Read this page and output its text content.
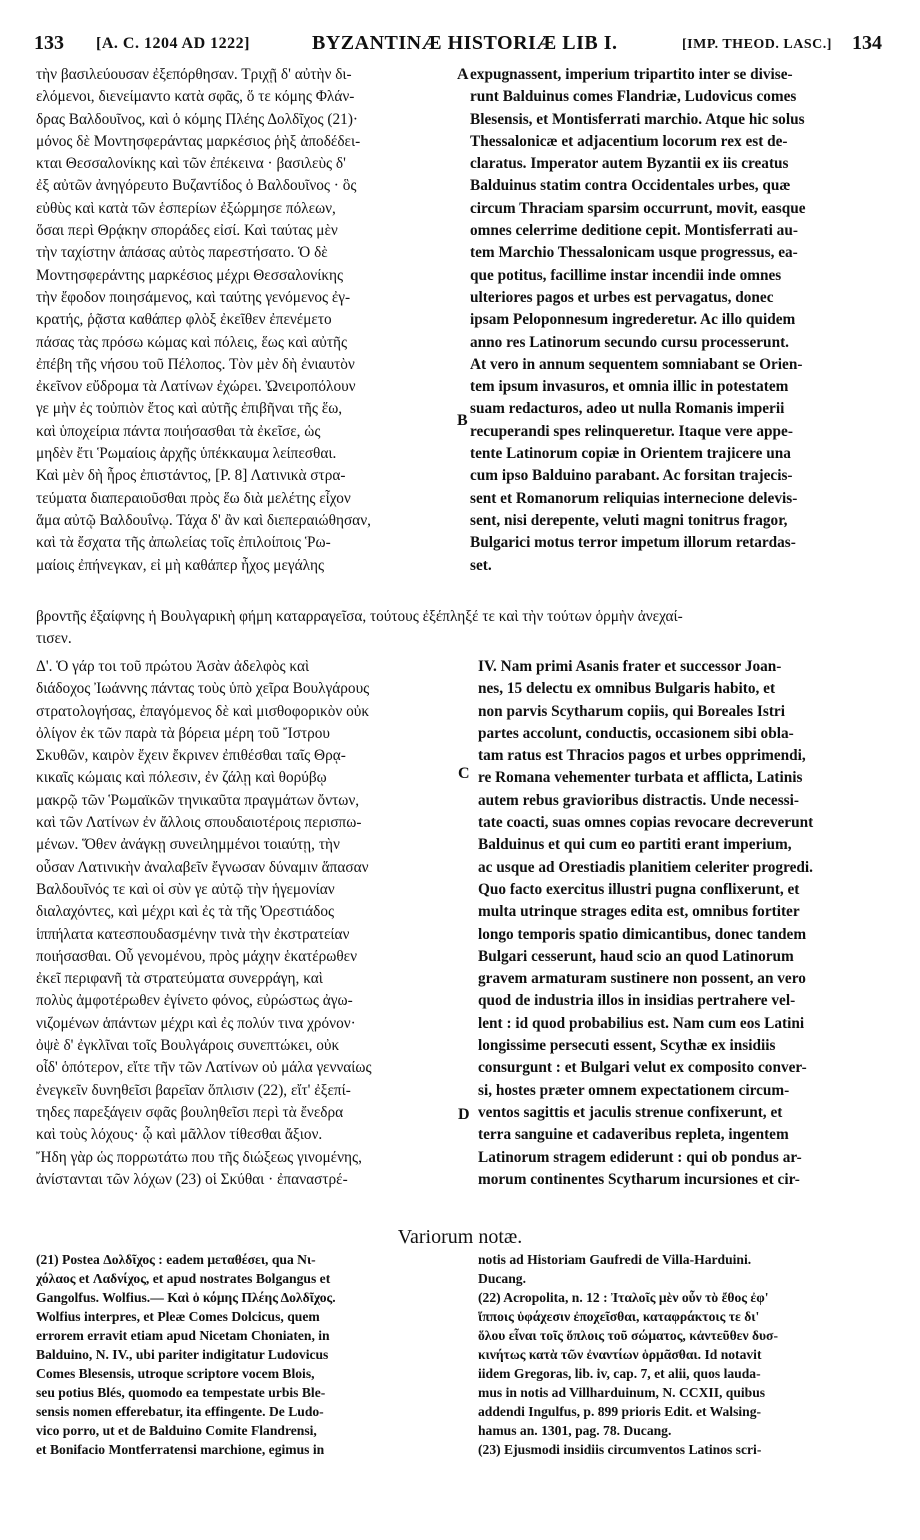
133 [A. C. 1204 AD 1222]	BYZANTINÆ HISTORIÆ LIB I.	[IMP. THEOD. LASC.] 134

τὴν βασιλεύουσαν ἐξεπόρθησαν. Τριχῇ δ' αὐτὴν δι-
ελόμενοι, διενείμαντο κατὰ σφᾶς, ὅ τε κόμης Φλάν-
δρας Βαλδουῖνος, καὶ ὁ κόμης Πλέης Δολδῖχος (21)·
μόνος δὲ Μοντησφεράντας μαρκέσιος ῥὴξ ἀποδέδει-
κται Θεσσαλονίκης καὶ τῶν ἐπέκεινα · βασιλεὺς δ'
ἐξ αὐτῶν ἀνηγόρευτο Βυζαντίδος ὁ Βαλδουῖνος · ὃς
εὐθὺς καὶ κατὰ τῶν ἑσπερίων ἐξώρμησε πόλεων,
ὅσαι περὶ Θρᾴκην σποράδες εἰσί. Καὶ ταύτας μὲν
τὴν ταχίστην ἁπάσας αὐτὸς παρεστήσατο. Ὁ δὲ
Μοντησφεράντης μαρκέσιος μέχρι Θεσσαλονίκης
τὴν ἔφοδον ποιησάμενος, καὶ ταύτης γενόμενος ἐγ-
κρατής, ῥᾷστα καθάπερ φλὸξ ἐκεῖθεν ἐπενέμετο
πάσας τὰς πρόσω κώμας καὶ πόλεις, ἕως καὶ αὐτῆς
ἐπέβη τῆς νήσου τοῦ Πέλοπος. Τὸν μὲν δὴ ἐνιαυτὸν
ἐκεῖνον εὔδρομα τὰ Λατίνων ἐχώρει. Ὠνειροπόλουν
γε μὴν ἐς τοὐπιὸν ἔτος καὶ αὐτῆς ἐπιβῆναι τῆς ἕω,
καὶ ὑποχείρια πάντα ποιήσασθαι τὰ ἐκεῖσε, ὡς
μηδὲν ἔτι Ῥωμαίοις ἀρχῆς ὑπέκκαυμα λείπεσθαι.
Καὶ μὲν δὴ ἦρος ἐπιστάντος, [P. 8] Λατινικὰ στρα-
τεύματα διαπεραιοῦσθαι πρὸς ἕω διὰ μελέτης εἶχον
ἅμα αὐτῷ Βαλδουΐνῳ. Τάχα δ' ἂν καὶ διεπεραιώθησαν,
καὶ τὰ ἔσχατα τῆς ἀπωλείας τοῖς ἐπιλοίποις Ῥω-
μαίοις ἐπήνεγκαν, εἰ μὴ καθάπερ ἦχος μεγάλης

expugnassent, imperium tripartito inter se divise-
runt Balduinus comes Flandriæ, Ludovicus comes
Blesensis, et Montisferrati marchio. Atque hic solus
Thessalonicæ et adjacentium locorum rex est de-
claratus. Imperator autem Byzantii ex iis creatus
Balduinus statim contra Occidentales urbes, quæ
circum Thraciam sparsim occurrunt, movit, easque
omnes celerrime deditione cepit. Montisferrati au-
tem Marchio Thessalonicam usque progressus, ea-
que potitus, facillime instar incendii inde omnes
ulteriores pagos et urbes est pervagatus, donec
ipsam Peloponnesum ingrederetur. Ac illo quidem
anno res Latinorum secundo cursu processerunt.
At vero in annum sequentem somniabant se Orien-
tem ipsum invasuros, et omnia illic in potestatem
suam redacturos, adeo ut nulla Romanis imperii
recuperandi spes relinqueretur. Itaque vere appe-
tente Latinorum copiæ in Orientem trajicere una
cum ipso Balduino parabant. Ac forsitan trajecis-
sent et Romanorum reliquias internecione delevis-
sent, nisi derepente, veluti magni tonitrus fragor,
Bulgarici motus terror impetum illorum retardas-
set.

A
B

βροντῆς ἐξαίφνης ἡ Βουλγαρικὴ φήμη καταρραγεῖσα, τούτους ἐξέπληξέ τε καὶ τὴν τούτων ὁρμὴν ἀνεχαί-
τισεν.

Δ'. Ὁ γάρ τοι τοῦ πρώτου Ἀσὰν ἀδελφὸς καὶ
διάδοχος Ἰωάννης πάντας τοὺς ὑπὸ χεῖρα Βουλγάρους
στρατολογήσας, ἐπαγόμενος δὲ καὶ μισθοφορικὸν οὐκ
ὀλίγον ἐκ τῶν παρὰ τὰ βόρεια μέρη τοῦ Ἴστρου
Σκυθῶν, καιρὸν ἔχειν ἔκρινεν ἐπιθέσθαι ταῖς Θρᾳ-
κικαῖς κώμαις καὶ πόλεσιν, ἐν ζάλῃ καὶ θορύβῳ
μακρῷ τῶν Ῥωμαϊκῶν τηνικαῦτα πραγμάτων ὄντων,
καὶ τῶν Λατίνων ἐν ἄλλοις σπουδαιοτέροις περισπω-
μένων. Ὅθεν ἀνάγκῃ συνειλημμένοι τοιαύτῃ, τὴν
οὖσαν Λατινικὴν ἀναλαβεῖν ἔγνωσαν δύναμιν ἅπασαν
Βαλδουῖνός τε καὶ οἱ σὺν γε αὐτῷ τὴν ἡγεμονίαν
διαλαχόντες, καὶ μέχρι καὶ ἐς τὰ τῆς Ὀρεστιάδος
ἱππήλατα κατεσπουδασμένην τινὰ τὴν ἐκστρατείαν
ποιήσασθαι. Οὗ γενομένου, πρὸς μάχην ἑκατέρωθεν
ἐκεῖ περιφανῆ τὰ στρατεύματα συνερράγη, καὶ
πολὺς ἀμφοτέρωθεν ἐγίνετο φόνος, εὐρώστως ἀγω-
νιζομένων ἁπάντων μέχρι καὶ ἐς πολύν τινα χρόνον·
ὀψὲ δ' ἐγκλῖναι τοῖς Βουλγάροις συνεπτώκει, οὐκ
οἶδ' ὁπότερον, εἴτε τῆν τῶν Λατίνων οὐ μάλα γενναίως
ἐνεγκεῖν δυνηθεῖσι βαρεῖαν ὅπλισιν (22), εἴτ' ἐξεπί-
τηδες παρεξάγειν σφᾶς βουληθεῖσι περὶ τὰ ἔνεδρα
καὶ τοὺς λόχους· ᾧ καὶ μᾶλλον τίθεσθαι ἄξιον.
Ἤδη γὰρ ὡς πορρωτάτω που τῆς διώξεως γινομένης,
ἀνίστανται τῶν λόχων (23) οἱ Σκύθαι · ἐπαναστρέ-

IV. Nam primi Asanis frater et successor Joan-
nes, 15 delectu ex omnibus Bulgaris habito, et
non parvis Scytharum copiis, qui Boreales Istri
partes accolunt, conductis, occasionem sibi obla-
tam ratus est Thracios pagos et urbes opprimendi,
re Romana vehementer turbata et afflicta, Latinis
autem rebus gravioribus distractis. Unde necessi-
tate coacti, suas omnes copias revocare decreverunt
Balduinus et qui cum eo partiti erant imperium,
ac usque ad Orestiadis planitiem celeriter progredi.
Quo facto exercitus illustri pugna conflixerunt, et
multa utrinque strages edita est, omnibus fortiter
longo temporis spatio dimicantibus, donec tandem
Bulgari cesserunt, haud scio an quod Latinorum
gravem armaturam sustinere non possent, an vero
quod de industria illos in insidias pertrahere vel-
lent : id quod probabilius est. Nam cum eos Latini
longissime persecuti essent, Scythæ ex insidiis
consurgunt : et Bulgari velut ex composito conver-
si, hostes præter omnem expectationem circum-
ventos sagittis et jaculis strenue confixerunt, et
terra sanguine et cadaveribus repleta, ingentem
Latinorum stragem ediderunt : qui ob pondus ar-
morum continentes Scytharum incursiones et cir-

C
D
Variorum notæ.

(21) Postea Δολδῖχος : eadem μεταθέσει, qua Νι-
χόλαος et Λαδνίχος, et apud nostrates Bolgangus et
Gangolfus. Wolfius.— Καὶ ὁ κόμης Πλέης Δολδῖχος.
Wolfius interpres, et Pleæ Comes Dolcicus, quem
errorem erravit etiam apud Nicetam Choniaten, in
Balduino, N. IV., ubi pariter indigitatur Ludovicus
Comes Blesensis, utroque scriptore vocem Blois,
seu potius Blés, quomodo ea tempestate urbis Ble-
sensis nomen efferebatur, ita effingente. De Ludo-
vico porro, ut et de Balduino Comite Flandrensi,
et Bonifacio Montferratensi marchione, egimus in

notis ad Historiam Gaufredi de Villa-Harduini.
Ducang.
(22) Acropolita, n. 12 : Ἰταλοῖς μὲν οὖν τὸ ἔθος ἐφ'
ἵπποις ὑφάχεσιν ἐποχεῖσθαι, καταφράκτοις τε δι'
ὅλου εἶναι τοῖς ὅπλοις τοῦ σώματος, κἀντεῦθεν δυσ-
κινήτως κατὰ τῶν ἐναντίων ὁρμᾶσθαι. Id notavit
iidem Gregoras, lib. iv, cap. 7, et alii, quos lauda-
mus in notis ad Villharduinum, N. CCXII, quibus
addendi Ingulfus, p. 899 prioris Edit. et Walsing-
hamus an. 1301, pag. 78. Ducang.
(23) Ejusmodi insidiis circumventos Latinos scri-
